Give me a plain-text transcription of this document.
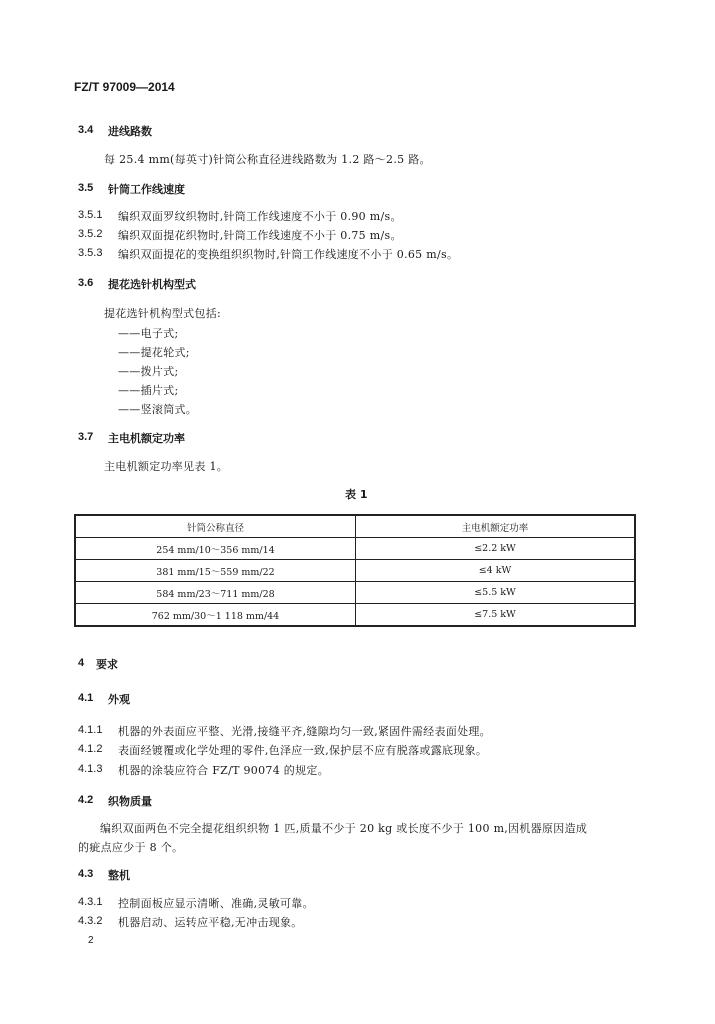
FZ/T 97009—2014
3.4 进线路数
每 25.4 mm(每英寸)针筒公称直径进线路数为 1.2 路～2.5 路。
3.5 针筒工作线速度
3.5.1 编织双面罗纹织物时,针筒工作线速度不小于 0.90 m/s。
3.5.2 编织双面提花织物时,针筒工作线速度不小于 0.75 m/s。
3.5.3 编织双面提花的变换组织织物时,针筒工作线速度不小于 0.65 m/s。
3.6 提花选针机构型式
提花选针机构型式包括:
——电子式;
——提花轮式;
——拨片式;
——插片式;
——竖滚筒式。
3.7 主电机额定功率
主电机额定功率见表 1。
表 1
针筒公称直径	主电机额定功率
254 mm/10～356 mm/14	≤2.2 kW
381 mm/15～559 mm/22	≤4 kW
584 mm/23～711 mm/28	≤5.5 kW
762 mm/30～1 118 mm/44	≤7.5 kW
4 要求
4.1 外观
4.1.1 机器的外表面应平整、光滑,接缝平齐,缝隙均匀一致,紧固件需经表面处理。
4.1.2 表面经镀覆或化学处理的零件,色泽应一致,保护层不应有脱落或露底现象。
4.1.3 机器的涂装应符合 FZ/T 90074 的规定。
4.2 织物质量
编织双面两色不完全提花组织织物 1 匹,质量不少于 20 kg 或长度不少于 100 m,因机器原因造成
的疵点应少于 8 个。
4.3 整机
4.3.1 控制面板应显示清晰、准确,灵敏可靠。
4.3.2 机器启动、运转应平稳,无冲击现象。
2
